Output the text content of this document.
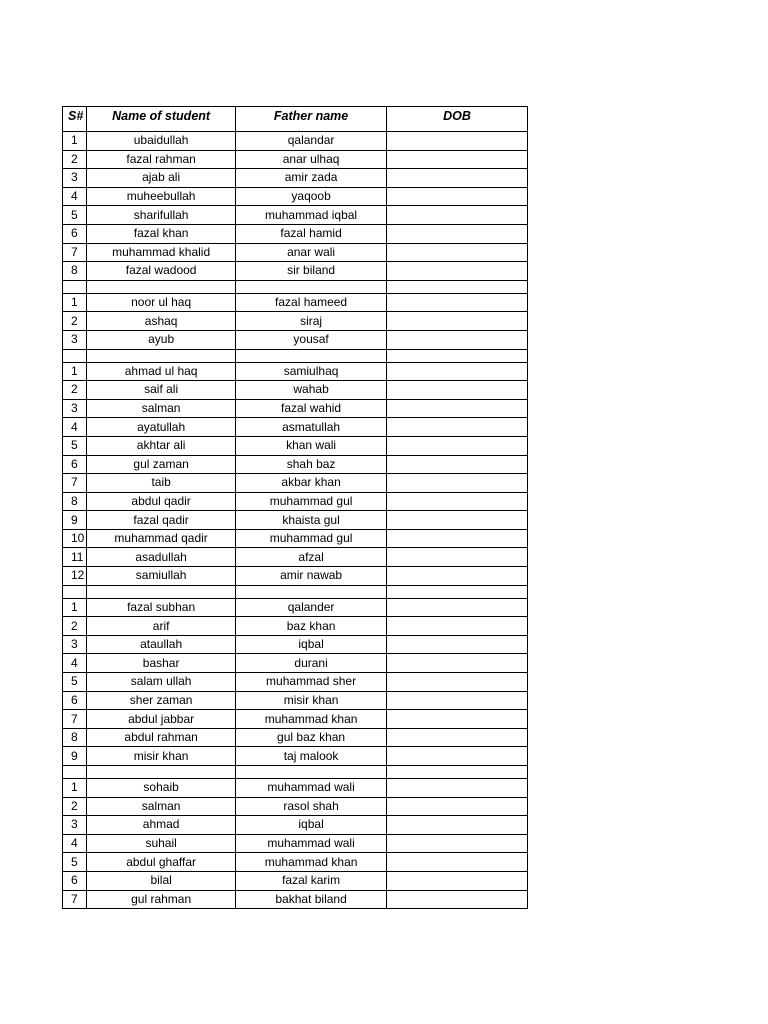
S#	Name of student	Father name	DOB
1	ubaidullah	qalandar	
2	fazal rahman	anar ulhaq	
3	ajab ali	amir zada	
4	muheebullah	yaqoob	
5	sharifullah	muhammad iqbal	
6	fazal khan	fazal hamid	
7	muhammad khalid	anar wali	
8	fazal wadood	sir biland	

1	noor ul haq	fazal hameed	
2	ashaq	siraj	
3	ayub	yousaf	

1	ahmad ul haq	samiulhaq	
2	saif ali	wahab	
3	salman	fazal wahid	
4	ayatullah	asmatullah	
5	akhtar ali	khan wali	
6	gul zaman	shah baz	
7	taib	akbar khan	
8	abdul qadir	muhammad gul	
9	fazal qadir	khaista gul	
10	muhammad qadir	muhammad gul	
11	asadullah	afzal	
12	samiullah	amir nawab	

1	fazal subhan	qalander	
2	arif	baz khan	
3	ataullah	iqbal	
4	bashar	durani	
5	salam ullah	muhammad sher	
6	sher zaman	misir khan	
7	abdul jabbar	muhammad khan	
8	abdul rahman	gul baz khan	
9	misir khan	taj malook	

1	sohaib	muhammad wali	
2	salman	rasol shah	
3	ahmad	iqbal	
4	suhail	muhammad wali	
5	abdul ghaffar	muhammad khan	
6	bilal	fazal karim	
7	gul rahman	bakhat biland	
